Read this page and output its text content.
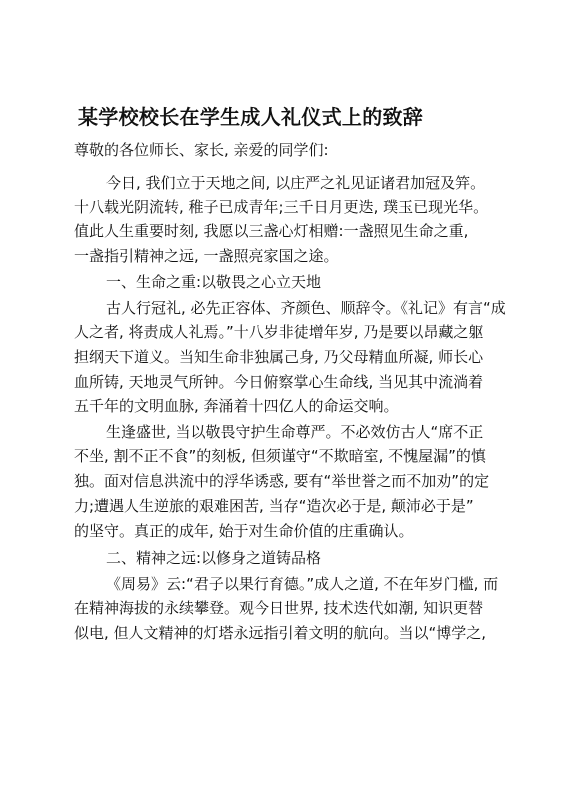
某学校校长在学生成人礼仪式上的致辞

尊敬的各位师长、家长, 亲爱的同学们:

今日, 我们立于天地之间, 以庄严之礼见证诸君加冠及笄。

十八载光阴流转, 稚子已成青年;三千日月更迭, 璞玉已现光华。

值此人生重要时刻, 我愿以三盏心灯相赠:一盏照见生命之重,

一盏指引精神之远, 一盏照亮家国之途。

一、生命之重:以敬畏之心立天地

古人行冠礼, 必先正容体、齐颜色、顺辞令。《礼记》有言“成

人之者, 将责成人礼焉。”十八岁非徒增年岁, 乃是要以昂藏之躯

担纲天下道义。当知生命非独属己身, 乃父母精血所凝, 师长心

血所铸, 天地灵气所钟。今日俯察掌心生命线, 当见其中流淌着

五千年的文明血脉, 奔涌着十四亿人的命运交响。

生逢盛世, 当以敬畏守护生命尊严。不必效仿古人“席不正

不坐, 割不正不食”的刻板, 但须谨守“不欺暗室, 不愧屋漏”的慎

独。面对信息洪流中的浮华诱惑, 要有“举世誉之而不加劝”的定

力;遭遇人生逆旅的艰难困苦, 当存“造次必于是, 颠沛必于是”

的坚守。真正的成年, 始于对生命价值的庄重确认。

二、精神之远:以修身之道铸品格

《周易》云:“君子以果行育德。”成人之道, 不在年岁门槛, 而

在精神海拔的永续攀登。观今日世界, 技术迭代如潮, 知识更替

似电, 但人文精神的灯塔永远指引着文明的航向。当以“博学之,
